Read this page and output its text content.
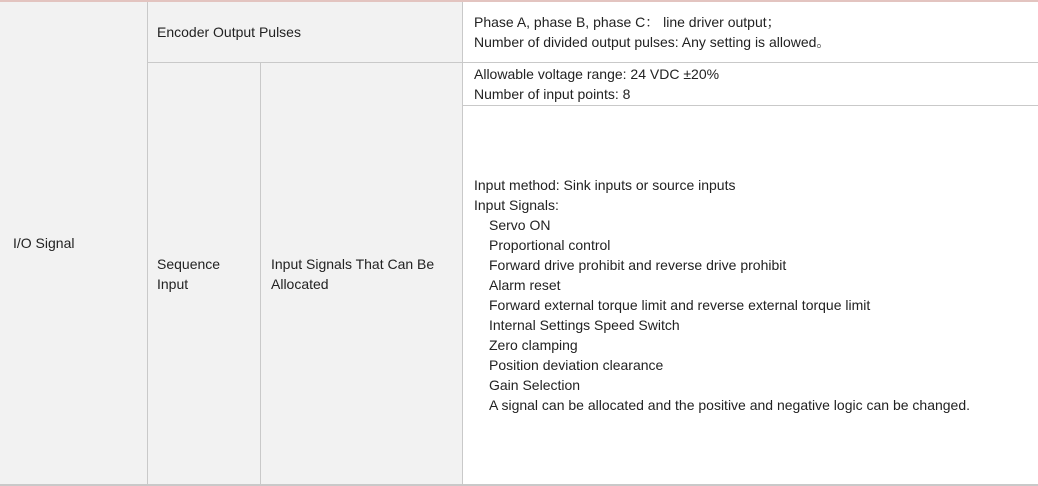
I/O Signal
Encoder Output Pulses
Sequence
Input
Input Signals That Can Be
Allocated
Phase A, phase B, phase C： line driver output；
Number of divided output pulses: Any setting is allowed。
Allowable voltage range: 24 VDC ±20%
Number of input points: 8
Input method: Sink inputs or source inputs
Input Signals:
Servo ON
Proportional control
Forward drive prohibit and reverse drive prohibit
Alarm reset
Forward external torque limit and reverse external torque limit
Internal Settings Speed Switch
Zero clamping
Position deviation clearance
Gain Selection
A signal can be allocated and the positive and negative logic can be changed.
